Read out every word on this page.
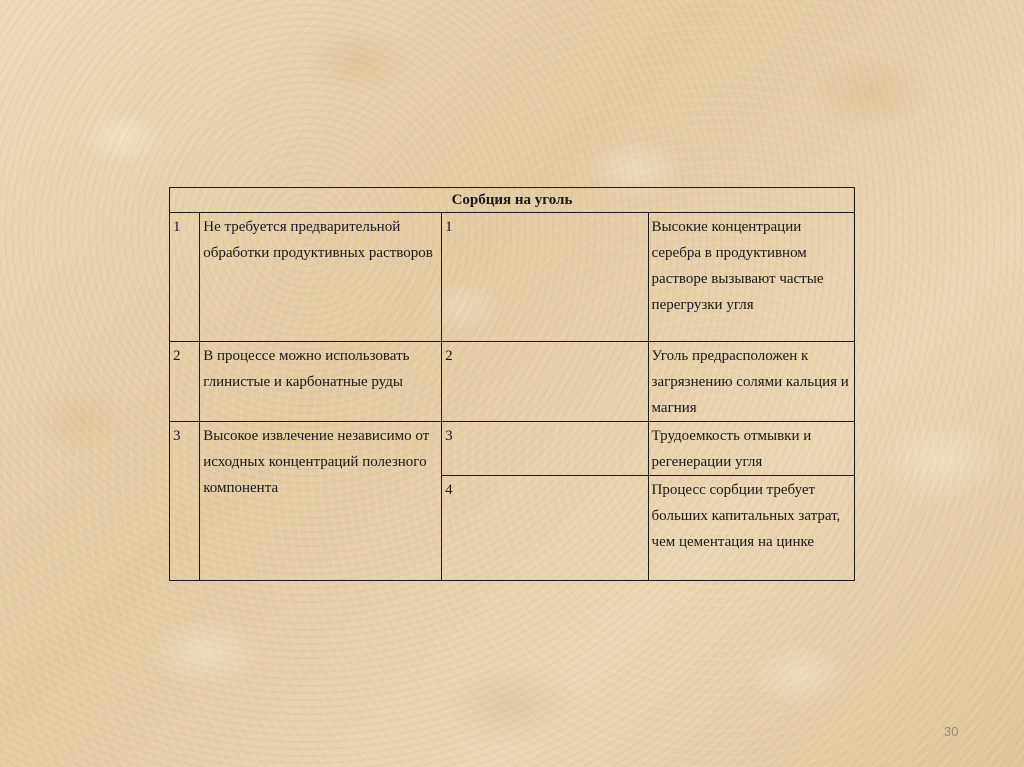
Сорбция на уголь			
1	Не требуется предварительной обработки продуктивных растворов	1	Высокие концентрации серебра в продуктивном растворе вызывают частые перегрузки угля
2	В процессе можно использовать глинистые и карбонатные руды	2	Уголь предрасположен к загрязнению солями кальция и магния
3	Высокое извлечение независимо от исходных концентраций полезного компонента	3	Трудоемкость отмывки и регенерации угля
		4	Процесс сорбции требует больших капитальных затрат, чем цементация на цинке
30
